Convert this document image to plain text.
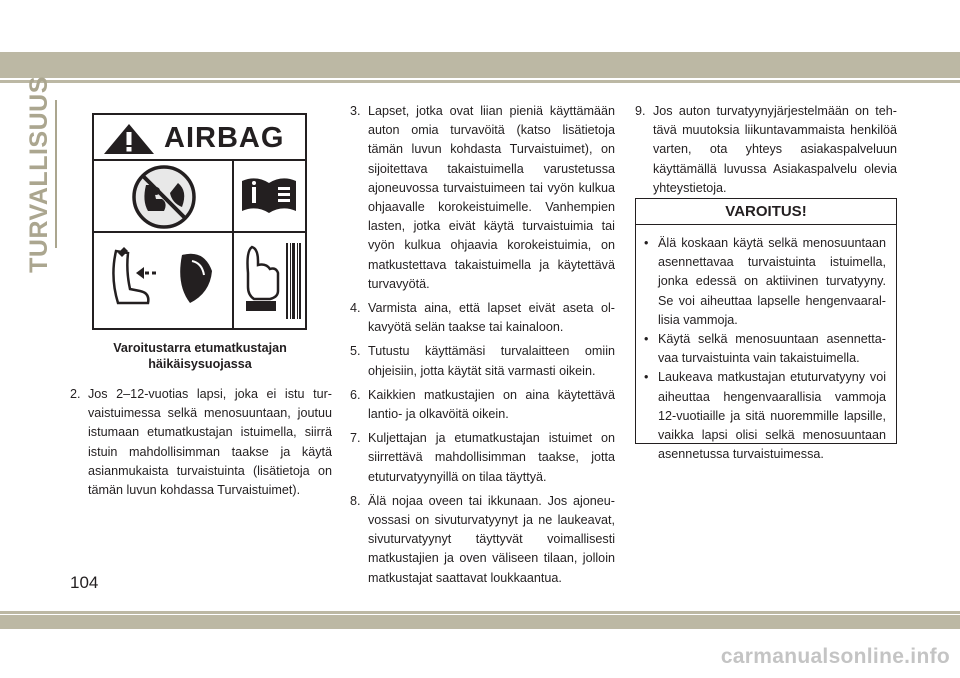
TURVALLISUUS	AIRBAG
Varoitustarra etumatkustajan
häikäisysuojassa
2. Jos 2–12-vuotias lapsi, joka ei istu turvaistuimessa selkä menosuuntaan, joutuu istumaan etumatkustajan istuimella, siirrä istuin mahdollisimman taakse ja käytä asianmukaista turvaistuinta (lisätietoja on tämän luvun kohdassa Turvaistuimet).
3. Lapset, jotka ovat liian pieniä käyttämään auton omia turvavöitä (katso lisätietoja tämän luvun kohdasta Turvaistuimet), on sijoitettava takaistuimella varustetussa ajoneuvossa turvaistuimeen tai vyön kulkua ohjaavalle korokeistuimelle. Vanhempien lasten, jotka eivät käytä turvaistuimia tai vyön kulkua ohjaavia korokeistuimia, on matkustettava takaistuimella ja käytettävä turvavyötä.
4. Varmista aina, että lapset eivät aseta olkavyötä selän taakse tai kainaloon.
5. Tutustu käyttämäsi turvalaitteen omiin ohjeisiin, jotta käytät sitä varmasti oikein.
6. Kaikkien matkustajien on aina käytettävä lantio- ja olkavöitä oikein.
7. Kuljettajan ja etumatkustajan istuimet on siirrettävä mahdollisimman taakse, jotta etuturvatyynyillä on tilaa täyttyä.
8. Älä nojaa oveen tai ikkunaan. Jos ajoneuvossasi on sivuturvatyynyt ja ne laukeavat, sivuturvatyynyt täyttyvät voimallisesti matkustajien ja oven väliseen tilaan, jolloin matkustajat saattavat loukkaantua.
9. Jos auton turvatyynyjärjestelmään on tehtävä muutoksia liikuntavammaista henkilöä varten, ota yhteys asiakaspalveluun käyttämällä luvussa Asiakaspalvelu olevia yhteystietoja.
VAROITUS!
• Älä koskaan käytä selkä menosuuntaan asennettavaa turvaistuinta istuimella, jonka edessä on aktiivinen turvatyyny. Se voi aiheuttaa lapselle hengenvaarallisia vammoja.
• Käytä selkä menosuuntaan asennettavaa turvaistuinta vain takaistuimella.
• Laukeava matkustajan etuturvatyyny voi aiheuttaa hengenvaarallisia vammoja 12-vuotiaille ja sitä nuoremmille lapsille, vaikka lapsi olisi selkä menosuuntaan asennetussa turvaistuimessa.
104
carmanualsonline.info
